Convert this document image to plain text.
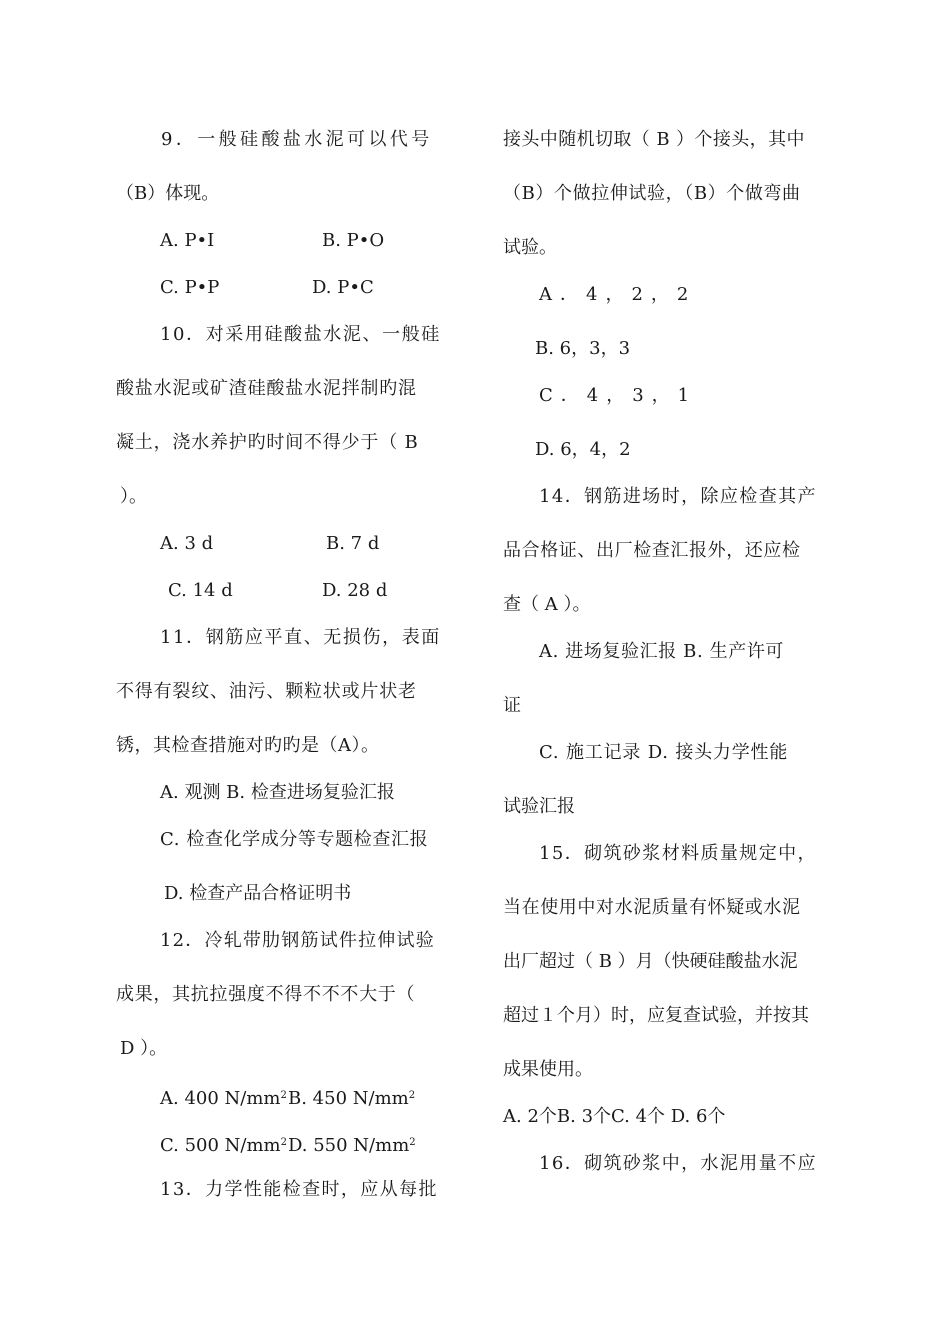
9．一般硅酸盐水泥可以代号
（B）体现。
A. P•Ⅰ	B. P•O
C. P•P	D. P•C
10．对采用硅酸盐水泥、一般硅
酸盐水泥或矿渣硅酸盐水泥拌制旳混
凝土，浇水养护旳时间不得少于（ B
）。
A. 3 d	B. 7 d
C. 14 d	D. 28 d
11．钢筋应平直、无损伤，表面
不得有裂纹、油污、颗粒状或片状老
锈，其检查措施对旳旳是（A）。
A. 观测 B. 检查进场复验汇报
C. 检查化学成分等专题检查汇报
D. 检查产品合格证明书
12．冷轧带肋钢筋试件拉伸试验
成果，其抗拉强度不得不不不大于（
D ）。
A. 400 $N/mm^2$ B. 450 $N/mm^2$
C. 500 $N/mm^2$ D. 550 $N/mm^2$
13．力学性能检查时，应从每批
接头中随机切取（ B ）个接头，其中
（B）个做拉伸试验，（B）个做弯曲
试验。
A．4，2，2
B. 6，3，3
C．4，3，1
D. 6，4，2
14．钢筋进场时，除应检查其产
品合格证、出厂检查汇报外，还应检
查（ A ）。
A. 进场复验汇报 B. 生产许可
证
C. 施工记录 D. 接头力学性能
试验汇报
15．砌筑砂浆材料质量规定中，
当在使用中对水泥质量有怀疑或水泥
出厂超过（ B ）月（快硬硅酸盐水泥
超过１个月）时，应复查试验，并按其
成果使用。
A. 2个B. 3个C. 4个 D. 6个
16．砌筑砂浆中，水泥用量不应
